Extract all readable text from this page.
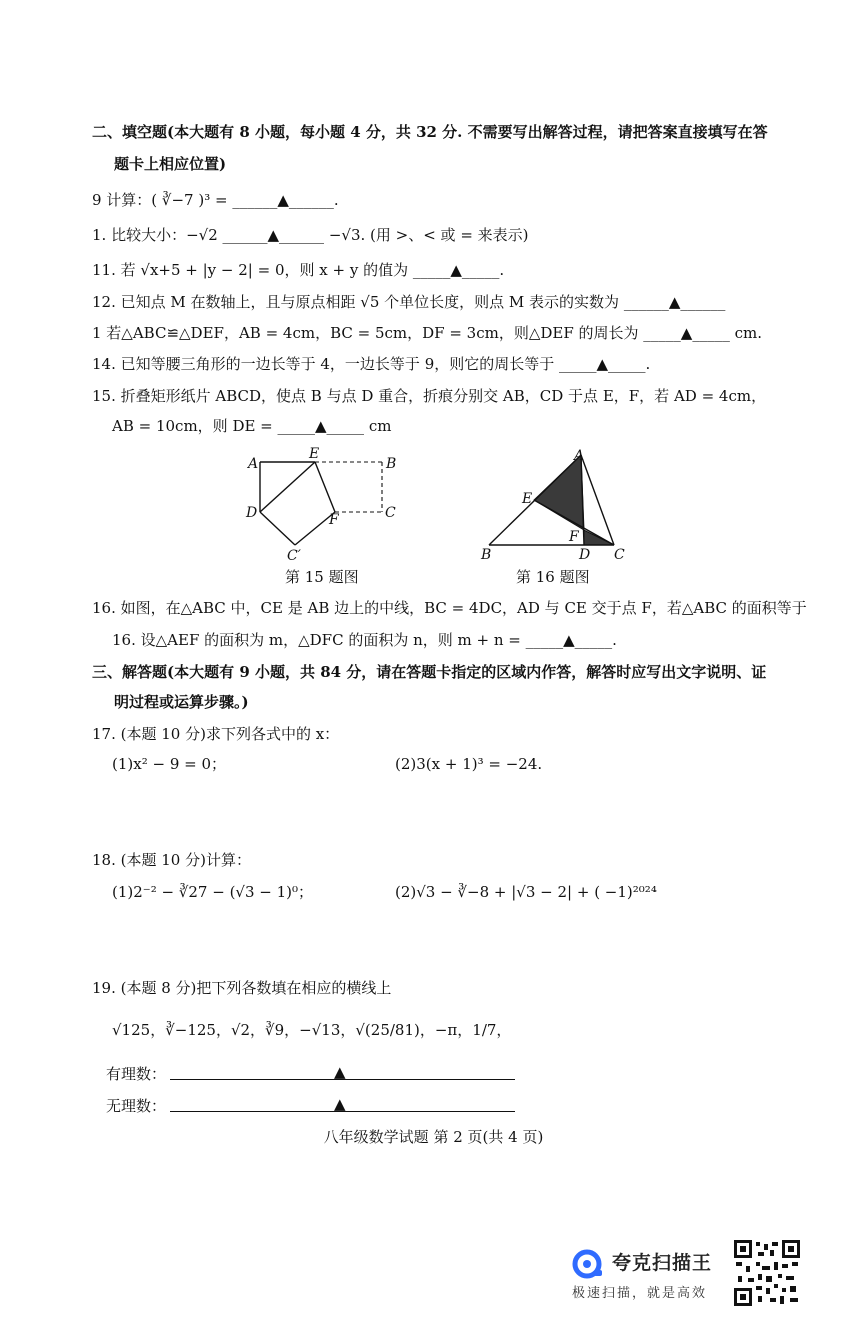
二、填空题(本大题有 8 小题，每小题 4 分，共 32 分. 不需要写出解答过程，请把答案直接填写在答
题卡上相应位置)
9 计算：( ∛−7 )³ = ______▲______.
1. 比较大小：−√2 ______▲______ −√3. (用 >、< 或 = 来表示)
11. 若 √x+5 + |y − 2| = 0，则 x + y 的值为 _____▲_____.
12. 已知点 M 在数轴上，且与原点相距 √5 个单位长度，则点 M 表示的实数为 ______▲______
1 若△ABC≌△DEF，AB = 4cm，BC = 5cm，DF = 3cm，则△DEF 的周长为 _____▲_____ cm.
14. 已知等腰三角形的一边长等于 4，一边长等于 9，则它的周长等于 _____▲_____.
15. 折叠矩形纸片 ABCD，使点 B 与点 D 重合，折痕分别交 AB，CD 于点 E，F，若 AD = 4cm，
AB = 10cm，则 DE = _____▲_____ cm
A
E
B
D	F	C
C′
A
E
F
B	D C
第 15 题图	第 16 题图
16. 如图，在△ABC 中，CE 是 AB 边上的中线，BC = 4DC，AD 与 CE 交于点 F，若△ABC 的面积等于
16. 设△AEF 的面积为 m，△DFC 的面积为 n，则 m + n = _____▲_____.
三、解答题(本大题有 9 小题，共 84 分，请在答题卡指定的区域内作答，解答时应写出文字说明、证
明过程或运算步骤。)
17. (本题 10 分)求下列各式中的 x：
(1)x² − 9 = 0；	(2)3(x + 1)³ = −24.
18. (本题 10 分)计算：
(1)2⁻² − ∛27 − (√3 − 1)⁰；	(2)√3 − ∛−8 + |√3 − 2| + ( −1)²⁰²⁴
19. (本题 8 分)把下列各数填在相应的横线上
√125，∛−125，√2，∛9，−√13，√(25/81)，−π，1/7，
有理数：	▲
无理数：	▲
八年级数学试题 第 2 页(共 4 页)
夸克扫描王
极速扫描，就是高效
